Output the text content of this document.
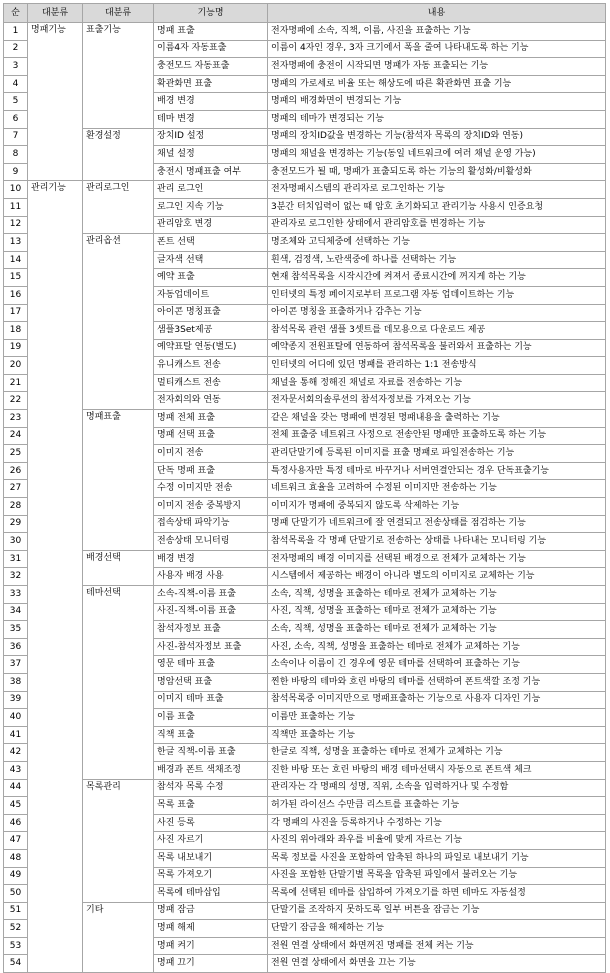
순	대분류	대분류	기능명	내용
1	명패기능	표출기능	명패 표출	전자명패에 소속, 직책, 이름, 사진을 표출하는 기능
2			이름4자 자동표출	이름이 4자인 경우, 3자 크기에서 폭을 줄여 나타내도록 하는 기능
3			충전모드 자동표출	전자명패에 충전이 시작되면 명패가 자동 표출되는 기능
4			확관화면 표출	명패의 가로세로 비율 또는 해상도에 따른 확관화면 표출 기능
5			배경 변경	명패의 배경화면이 변경되는 기능
6			테마 변경	명패의 테마가 변경되는 기능
7		환경설정	장치ID 설정	명패의 장치ID값을 변경하는 기능(참석자 목록의 장치ID와 연동)
8			채널 설정	명패의 채널을 변경하는 기능(동일 네트워크에 여러 채널 운영 가능)
9			충전시 명패표출 여부	충전모드가 될 때, 명패가 표출되도록 하는 기능의 활성화/비활성화
10	관리기능	관리로그인	관리 로그인	전자명패시스템의 관리자로 로그인하는 기능
11			로그인 지속 기능	3분간 터치입력이 없는 때 암호 초기화되고 관리기능 사용시 인증요청
12			관리암호 변경	관리자로 로그인한 상태에서 관리암호를 변경하는 기능
13		관리옵션	폰트 선택	명조체와 고딕체중에 선택하는 기능
14			글자색 선택	흰색, 검정색, 노란색중에 하나를 선택하는 기능
15			예약 표출	현재 참석목록을 시작시간에 켜져서 종료시간에 꺼지게 하는 기능
16			자동업데이트	인터넷의 특정 페이지로부터 프로그램 자동 업데이트하는 기능
17			아이콘 명칭표출	아이콘 명칭을 표출하거나 감추는 기능
18			샘플3Set제공	참석목록 관련 샘플 3셋트를 데모용으로 다운로드 제공
19			예약표탈 연동(별도)	예약종지 전원표탈에 연동하여 참석목록을 불러와서 표출하는 기능
20			유니캐스트 전송	인터넷의 어디에 있던 명패를 관리하는 1:1 전송방식
21			멀티캐스트 전송	채널을 통해 정해진 채널로 자료를 전송하는 기능
22			전자회의와 연동	전자문서회의솔루션의 참석자정보를 가져오는 기능
23		명패표출	명패 전체 표출	같은 채널을 갖는 명패에 변경된 명패내용을 출력하는 기능
24			명패 선택 표출	전체 표출중 네트워크 사정으로 전송안된 명패만 표출하도록 하는 기능
25			이미지 전송	관리단말기에 등록된 이미지를 표출 명패로 파일전송하는 기능
26			단독 명패 표출	특정사용자만 특정 테마로 바꾸거나 서버연결안되는 경우 단독표출기능
27			수정 이미지만 전송	네트워크 효율을 고려하여 수정된 이미지만 전송하는 기능
28			이미지 전송 중복방지	이미지가 명패에 중복되지 않도록 삭제하는 기능
29			접속상태 파악기능	명패 단말기가 네트워크에 잘 연결되고 전송상태를 점검하는 기능
30			전송상태 모니터링	참석목록을 각 명패 단말기로 전송하는 상태를 나타내는 모니터링 기능
31		배경선택	배경 변경	전자명패의 배경 이미지를 선택된 배경으로 전체가 교체하는 기능
32			사용자 배경 사용	시스템에서 제공하는 배경이 아니라 별도의 이미지로 교체하는 기능
33		테마선택	소속-직책-이름 표출	소속, 직책, 성명을 표출하는 테마로 전체가 교체하는 기능
34			사진-직책-이름 표출	사진, 직책, 성명을 표출하는 테마로 전체가 교체하는 기능
35			참석자정보 표출	소속, 직책, 성명을 표출하는 테마로 전체가 교체하는 기능
36			사진-참석자정보 표출	사진, 소속, 직책, 성명을 표출하는 테마로 전체가 교체하는 기능
37			영문 테마 표출	소속이나 이름이 긴 경우에 영문 테마를 선택하여 표출하는 기능
38			명암선택 표출	찐한 바탕의 테마와 흐린 바탕의 테마를 선택하여 폰트색깔 조정 기능
39			이미지 테마 표출	참석목록중 이미지만으로 명패표출하는 기능으로 사용자 디자인 기능
40			이름 표출	이름만 표출하는 기능
41			직책 표출	직책만 표출하는 기능
42			한글 직책-이름 표출	한글로 직책, 성명을 표출하는 테마로 전체가 교체하는 기능
43			배경과 폰트 색채조정	진한 바탕 또는 흐린 바탕의 배경 테마선택시 자동으로 폰트색 체크
44		목록관리	참석자 목록 수정	관리자는 각 명패의 성명, 직위, 소속을 입력하거나 및 수정함
45			목록 표출	허가된 라이선스 수만큼 리스트를 표출하는 기능
46			사진 등록	각 명패의 사진을 등록하거나 수정하는 기능
47			사진 자르기	사진의 위아래와 좌우를 비율에 맞게 자르는 기능
48			목록 내보내기	목록 정보를 사진을 포함하여 압축된 하나의 파일로 내보내기 기능
49			목록 가져오기	사진을 포함한 단말기별 목록을 압축된 파일에서 불러오는 기능
50			목록에 테마삽입	목록에 선택된 테마를 삽입하여 가져오기를 하면 테마도 자동설정
51		기타	명패 잠금	단말기를 조작하지 못하도록 일부 버튼을 잠금는 기능
52			명패 해제	단말기 잠금을 해제하는 기능
53			명패 켜기	전원 연결 상태에서 화면꺼진 명패를 전체 켜는 기능
54			명패 끄기	전원 연결 상태에서 화면을 끄는 기능
